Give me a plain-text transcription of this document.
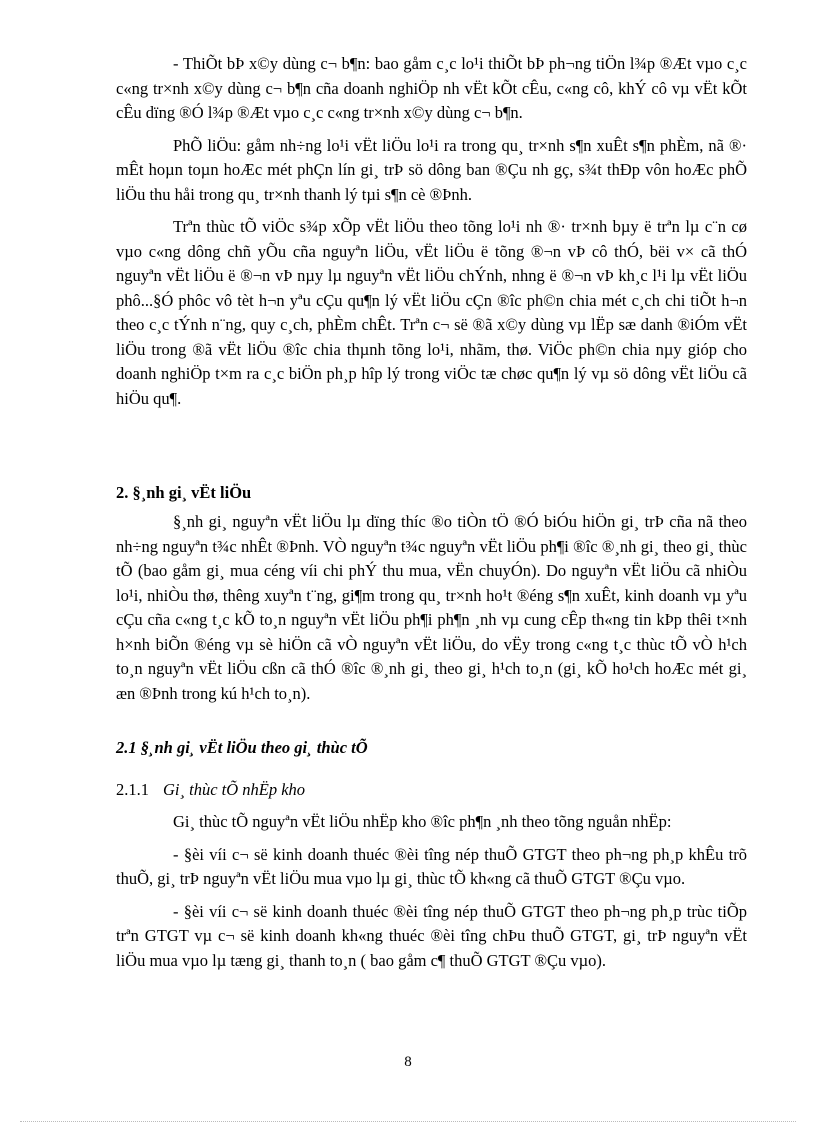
- ThiÕt bÞ x©y dùng c¬ b¶n: bao gåm c¸c lo¹i thiÕt bÞ ph¬ng tiÖn l¾p ®Æt vµo c¸c c«ng tr×nh x©y dùng c¬ b¶n cña doanh nghiÖp nh vËt kÕt cÊu, c«ng cô, khÝ cô vµ vËt kÕt cÊu dïng ®Ó l¾p ®Æt vµo c¸c c«ng tr×nh x©y dùng c¬ b¶n.

PhÕ liÖu: gåm nh÷ng lo¹i vËt liÖu lo¹i ra trong qu¸ tr×nh s¶n xuÊt s¶n phÈm, nã ®· mÊt hoµn toµn hoÆc mét phÇn lín gi¸ trÞ sö dông ban ®Çu nh gç, s¾t thÐp vôn hoÆc phÕ liÖu thu håi trong qu¸ tr×nh thanh lý tµi s¶n cè ®Þnh.

Trªn thùc tÕ viÖc s¾p xÕp vËt liÖu theo tõng lo¹i nh ®· tr×nh bµy ë trªn lµ c¨n cø vµo c«ng dông chñ yÕu cña nguyªn liÖu, vËt liÖu ë tõng ®¬n vÞ cô thÓ, bëi v× cã thÓ nguyªn vËt liÖu ë ®¬n vÞ nµy lµ nguyªn vËt liÖu chÝnh, nhng ë ®¬n vÞ kh¸c l¹i lµ vËt liÖu phô...§Ó phôc vô tèt h¬n yªu cÇu qu¶n lý vËt liÖu cÇn ®îc ph©n chia mét c¸ch chi tiÕt h¬n theo c¸c tÝnh n¨ng, quy c¸ch, phÈm chÊt. Trªn c¬ së ®ã x©y dùng vµ lËp sæ danh ®iÓm vËt liÖu trong ®ã vËt liÖu ®îc chia thµnh tõng lo¹i, nhãm, thø. ViÖc ph©n chia nµy gióp cho doanh nghiÖp t×m ra c¸c biÖn ph¸p hîp lý trong viÖc tæ chøc qu¶n lý vµ sö dông vËt liÖu cã hiÖu qu¶.

2. §¸nh gi¸ vËt liÖu

§¸nh gi¸ nguyªn vËt liÖu lµ dïng thíc ®o tiÒn tÖ ®Ó biÓu hiÖn gi¸ trÞ cña nã theo nh÷ng nguyªn t¾c nhÊt ®Þnh. VÒ nguyªn t¾c nguyªn vËt liÖu ph¶i ®îc ®¸nh gi¸ theo gi¸ thùc tÕ (bao gåm gi¸ mua céng víi chi phÝ thu mua, vËn chuyÓn). Do nguyªn vËt liÖu cã nhiÒu lo¹i, nhiÒu thø, thêng xuyªn t¨ng, gi¶m trong qu¸ tr×nh ho¹t ®éng s¶n xuÊt, kinh doanh vµ yªu cÇu cña c«ng t¸c kÕ to¸n nguyªn vËt liÖu ph¶i ph¶n ¸nh vµ cung cÊp th«ng tin kÞp thêi t×nh h×nh biÕn ®éng vµ sè hiÖn cã vÒ nguyªn vËt liÖu, do vËy trong c«ng t¸c thùc tÕ vÒ h¹ch to¸n nguyªn vËt liÖu cßn cã thÓ ®îc ®¸nh gi¸ theo gi¸ h¹ch to¸n (gi¸ kÕ ho¹ch hoÆc mét gi¸ æn ®Þnh trong kú h¹ch to¸n).

2.1 §¸nh gi¸ vËt liÖu theo gi¸ thùc tÕ

2.1.1 Gi¸ thùc tÕ nhËp kho

Gi¸ thùc tÕ nguyªn vËt liÖu nhËp kho ®îc ph¶n ¸nh theo tõng nguån nhËp:

- §èi víi c¬ së kinh doanh thuéc ®èi tîng nép thuÕ GTGT theo ph¬ng ph¸p khÊu trõ thuÕ, gi¸ trÞ nguyªn vËt liÖu mua vµo lµ gi¸ thùc tÕ kh«ng cã thuÕ GTGT ®Çu vµo.

- §èi víi c¬ së kinh doanh thuéc ®èi tîng nép thuÕ GTGT theo ph¬ng ph¸p trùc tiÕp trªn GTGT vµ c¬ së kinh doanh kh«ng thuéc ®èi tîng chÞu thuÕ GTGT, gi¸ trÞ nguyªn vËt liÖu mua vµo lµ tæng gi¸ thanh to¸n ( bao gåm c¶ thuÕ GTGT ®Çu vµo).

8
